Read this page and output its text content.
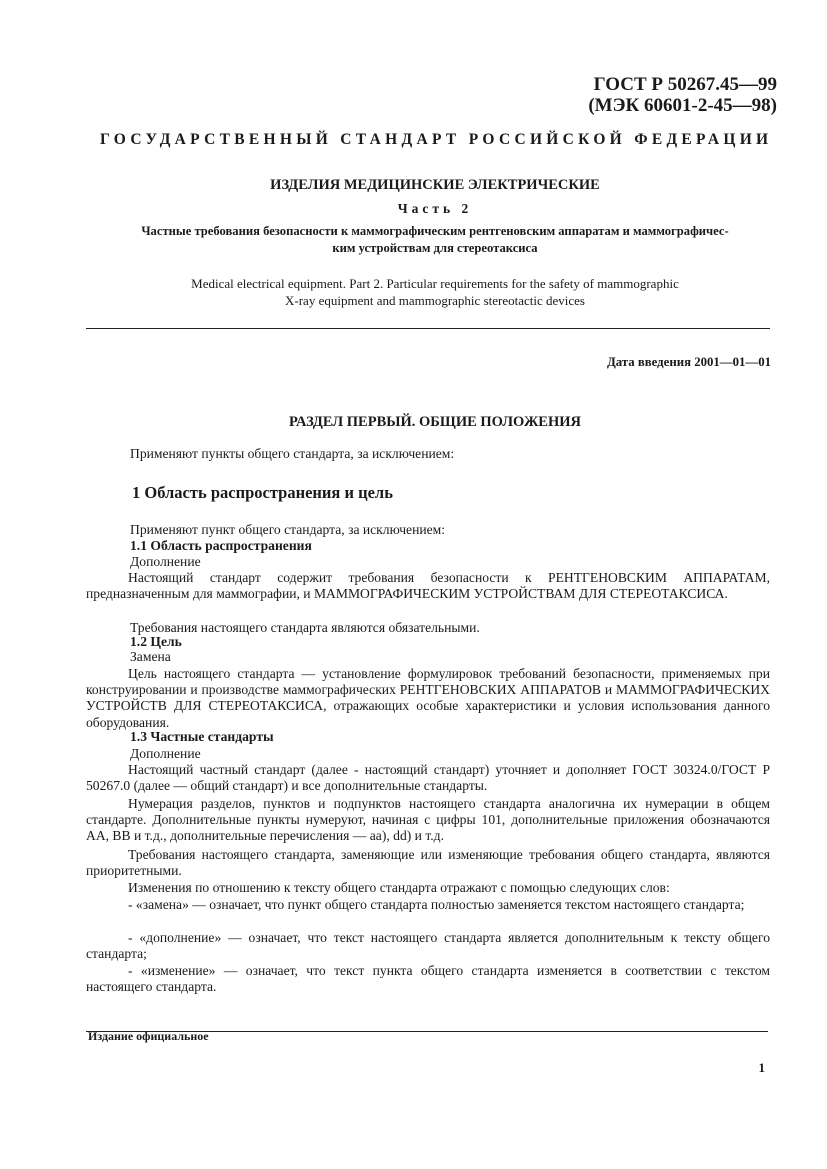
ГОСТ Р 50267.45—99
(МЭК 60601-2-45—98)
ГОСУДАРСТВЕННЫЙ СТАНДАРТ РОССИЙСКОЙ ФЕДЕРАЦИИ
ИЗДЕЛИЯ МЕДИЦИНСКИЕ ЭЛЕКТРИЧЕСКИЕ
Часть 2
Частные требования безопасности к маммографическим рентгеновским аппаратам и маммографичес-
ким устройствам для стереотаксиса
Medical electrical equipment. Part 2. Particular requirements for the safety of mammographic
X-ray equipment and mammographic stereotactic devices
Дата введения 2001—01—01
РАЗДЕЛ ПЕРВЫЙ. ОБЩИЕ ПОЛОЖЕНИЯ
Применяют пункты общего стандарта, за исключением:
1 Область распространения и цель
Применяют пункт общего стандарта, за исключением:
1.1 Область распространения
Дополнение
Настоящий стандарт содержит требования безопасности к РЕНТГЕНОВСКИМ АППАРАТАМ, предназначенным для маммографии, и МАММОГРАФИЧЕСКИМ УСТРОЙСТВАМ ДЛЯ СТЕРЕОТАКСИСА.
Требования настоящего стандарта являются обязательными.
1.2 Цель
Замена
Цель настоящего стандарта — установление формулировок требований безопасности, применяемых при конструировании и производстве маммографических РЕНТГЕНОВСКИХ АППАРАТОВ и МАММОГРАФИЧЕСКИХ УСТРОЙСТВ ДЛЯ СТЕРЕОТАКСИСА, отражающих особые характеристики и условия использования данного оборудования.
1.3 Частные стандарты
Дополнение
Настоящий частный стандарт (далее - настоящий стандарт) уточняет и дополняет ГОСТ 30324.0/ГОСТ Р 50267.0 (далее — общий стандарт) и все дополнительные стандарты.
Нумерация разделов, пунктов и подпунктов настоящего стандарта аналогична их нумерации в общем стандарте. Дополнительные пункты нумеруют, начиная с цифры 101, дополнительные приложения обозначаются АА, ВВ и т.д., дополнительные перечисления — аа), dd) и т.д.
Требования настоящего стандарта, заменяющие или изменяющие требования общего стандарта, являются приоритетными.
Изменения по отношению к тексту общего стандарта отражают с помощью следующих слов:
- «замена» — означает, что пункт общего стандарта полностью заменяется текстом настоящего стандарта;
- «дополнение» — означает, что текст настоящего стандарта является дополнительным к тексту общего стандарта;
- «изменение» — означает, что текст пункта общего стандарта изменяется в соответствии с текстом настоящего стандарта.
Издание официальное
1
